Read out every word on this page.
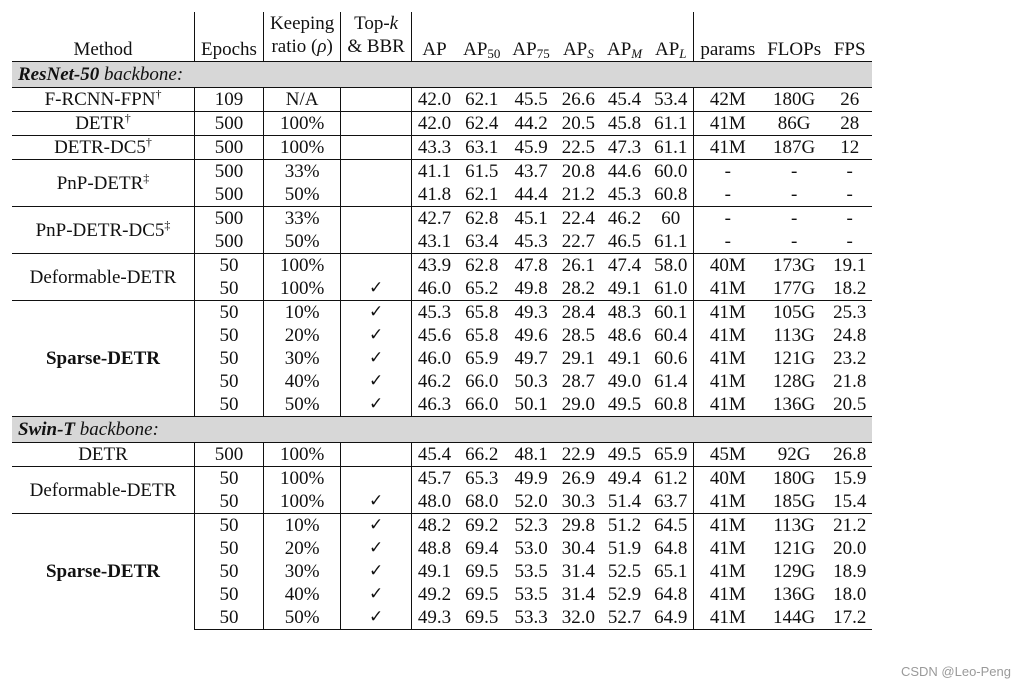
Method	Epochs	Keeping	Top-k	AP	$AP_{50}$	$AP_{75}$	$AP_S$	$AP_M$	$AP_L$	params	FLOPs	FPS
		ratio (ρ)	& BBR									
ResNet-50 backbone:												
F-RCNN-FPN†	109	N/A		42.0	62.1	45.5	26.6	45.4	53.4	42M	180G	26
DETR†	500	100%		42.0	62.4	44.2	20.5	45.8	61.1	41M	86G	28
DETR-DC5†	500	100%		43.3	63.1	45.9	22.5	47.3	61.1	41M	187G	12
PnP-DETR‡	500	33%		41.1	61.5	43.7	20.8	44.6	60.0	-	-	-
	500	50%		41.8	62.1	44.4	21.2	45.3	60.8	-	-	-
PnP-DETR-DC5‡	500	33%		42.7	62.8	45.1	22.4	46.2	60	-	-	-
	500	50%		43.1	63.4	45.3	22.7	46.5	61.1	-	-	-
Deformable-DETR	50	100%		43.9	62.8	47.8	26.1	47.4	58.0	40M	173G	19.1
	50	100%	✓	46.0	65.2	49.8	28.2	49.1	61.0	41M	177G	18.2
Sparse-DETR	50	10%	✓	45.3	65.8	49.3	28.4	48.3	60.1	41M	105G	25.3
	50	20%	✓	45.6	65.8	49.6	28.5	48.6	60.4	41M	113G	24.8
	50	30%	✓	46.0	65.9	49.7	29.1	49.1	60.6	41M	121G	23.2
	50	40%	✓	46.2	66.0	50.3	28.7	49.0	61.4	41M	128G	21.8
	50	50%	✓	46.3	66.0	50.1	29.0	49.5	60.8	41M	136G	20.5
Swin-T backbone:												
DETR	500	100%		45.4	66.2	48.1	22.9	49.5	65.9	45M	92G	26.8
Deformable-DETR	50	100%		45.7	65.3	49.9	26.9	49.4	61.2	40M	180G	15.9
	50	100%	✓	48.0	68.0	52.0	30.3	51.4	63.7	41M	185G	15.4
Sparse-DETR	50	10%	✓	48.2	69.2	52.3	29.8	51.2	64.5	41M	113G	21.2
	50	20%	✓	48.8	69.4	53.0	30.4	51.9	64.8	41M	121G	20.0
	50	30%	✓	49.1	69.5	53.5	31.4	52.5	65.1	41M	129G	18.9
	50	40%	✓	49.2	69.5	53.5	31.4	52.9	64.8	41M	136G	18.0
	50	50%	✓	49.3	69.5	53.3	32.0	52.7	64.9	41M	144G	17.2
CSDN @Leo-Peng
